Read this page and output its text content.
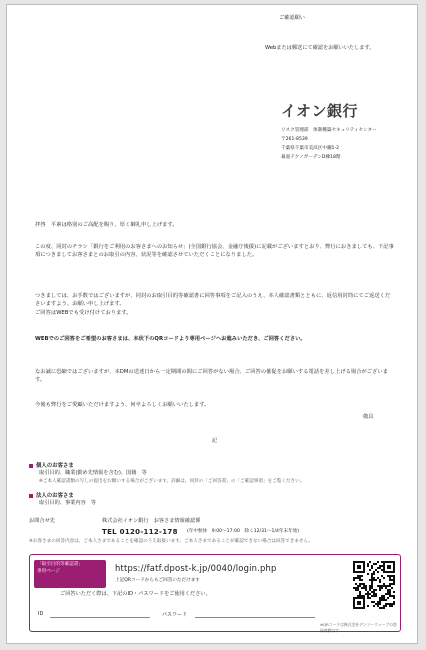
ご確認願い
Webまたは郵送にて確認をお願いいたします。
イオン銀行
リスク管理部　体制構築セキュリティセンター
〒261-8539
千葉県千葉市美浜区中瀬1-2
幕張テクノガーデンD棟18階
拝啓　平素は格別のご高配を賜り、厚く御礼申し上げます。
この度、同封のチラシ「銀行をご利用のお客さまへのお知らせ」(全国銀行協会、金融庁後援)に記載がございますとおり、弊行におきましても、下記事項につきましてお客さまとのお取引の内容、状況等を確認させていただくことになりました。
つきましては、お手数ではございますが、同封のお取引目的等確認書に回答事項をご記入のうえ、本人確認書類とともに、返信用封筒にてご返送くださいますよう、お願い申し上げます。
ご回答はWEBでも受け付けております。
WEBでのご回答をご希望のお客さまは、本状下のQRコードより専用ページへお進みいただき、ご回答ください。
なお誠に恐縮ではございますが、本DMの送達日から一定期間の間にご回答がない場合、ご回答の催促をお願いする電話を差し上げる場合がございます。
今後も弊行をご愛顧いただけますよう、何卒よろしくお願いいたします。
敬具
記
個人のお客さま
取引目的、職業(勤め先情報を含む)、国籍　等
※ご本人確認書類の写しの提出をお願いする場合がございます。詳細は、同封の「ご回答書」の「ご確認事項」をご覧ください。
法人のお客さま
取引目的、事業内容　等
お問合せ先	株式会社イオン銀行　お客さま情報確認係
TEL 0120-112-178 (年中無休　9:00〜17:00　除く12/31〜1/4年末年始)
※お客さまの回答内容は、ご本人さまであることを確認のうえ取扱います。ご本人さまであることが確認できない場合は回答できません。
「取引目的等確認書」
専用ページ	https://fatf.dpost-k.jp/0040/login.php
上記QRコードからもご回答いただけます
ご回答いただく際は、下記のID・パスワードをご使用ください。
ID	パスワード
※QRコードは株式会社デンソーウェーブの登録商標です
